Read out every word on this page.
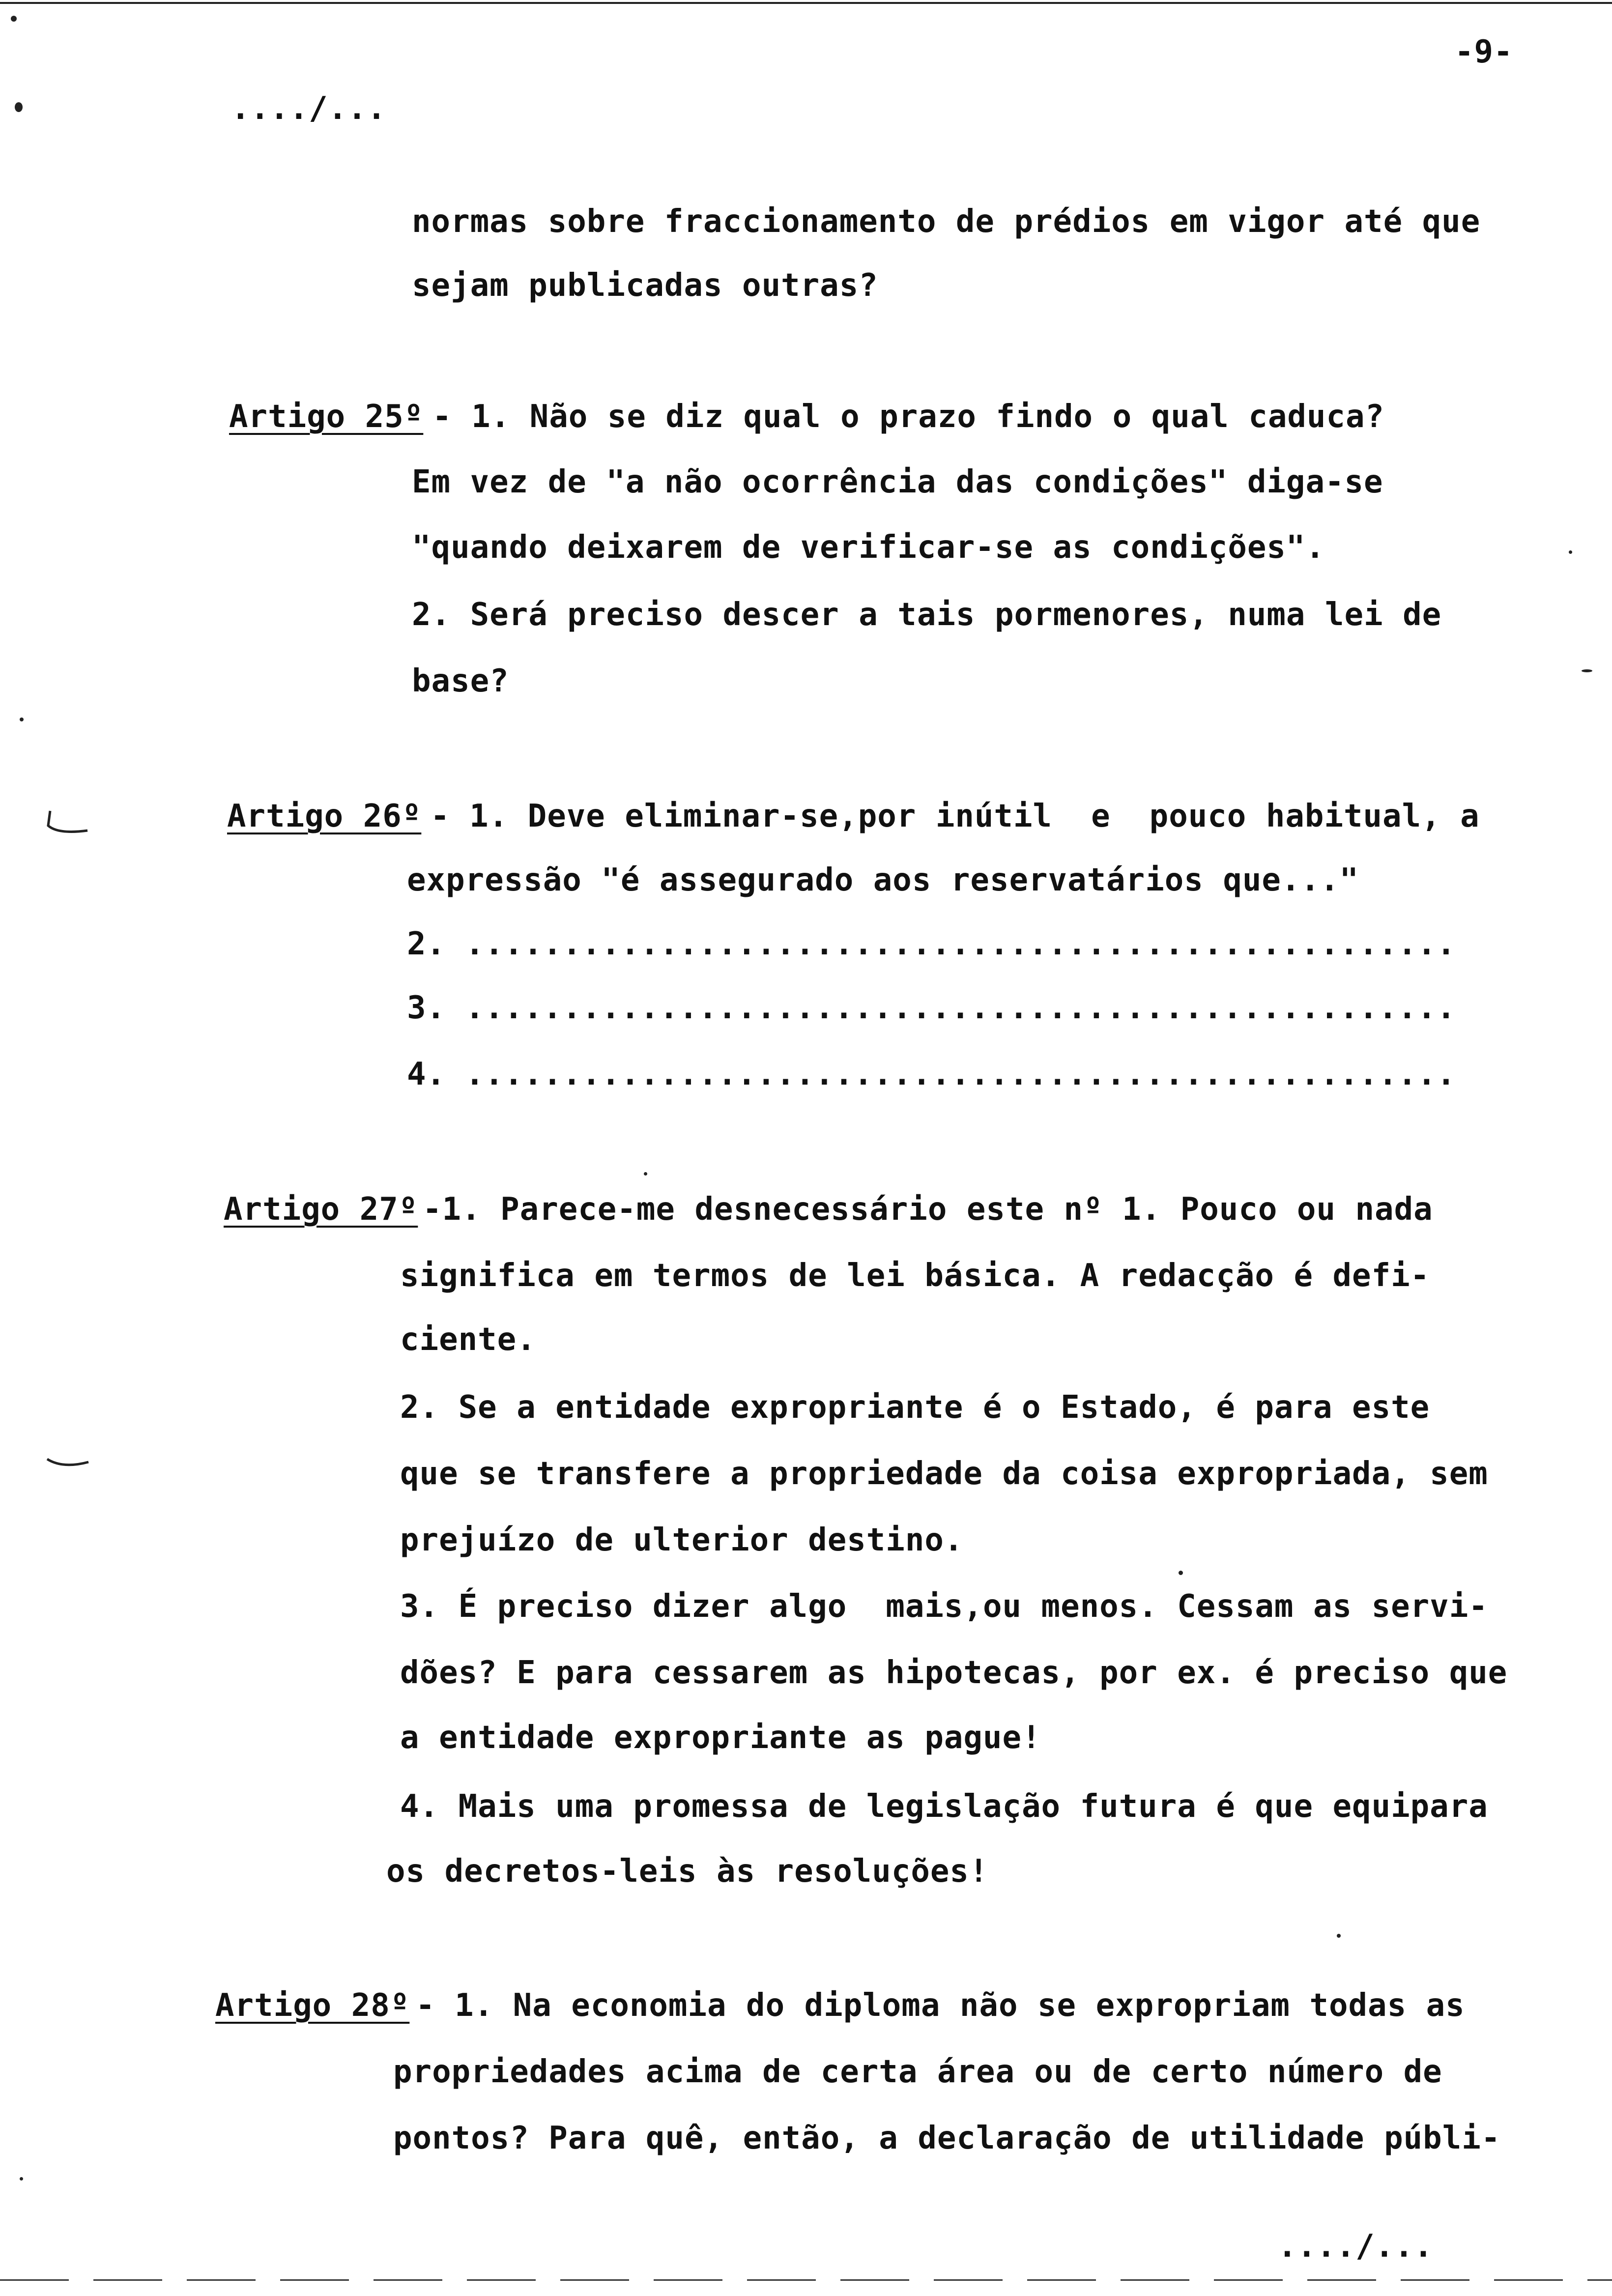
-9-
..../...
normas sobre fraccionamento de prédios em vigor até que
sejam publicadas outras?
Artigo 25º - 1. Não se diz qual o prazo findo o qual caduca?
Em vez de "a não ocorrência das condições" diga-se
"quando deixarem de verificar-se as condições".
2. Será preciso descer a tais pormenores, numa lei de
base?
Artigo 26º - 1. Deve eliminar-se,por inútil  e  pouco habitual, a
expressão "é assegurado aos reservatários que..."
2. ...................................................
3. ...................................................
4. ...................................................
Artigo 27º -1. Parece-me desnecessário este nº 1. Pouco ou nada
significa em termos de lei básica. A redacção é defi-
ciente.
2. Se a entidade expropriante é o Estado, é para este
que se transfere a propriedade da coisa expropriada, sem
prejuízo de ulterior destino.
3. É preciso dizer algo  mais,ou menos. Cessam as servi-
dões? E para cessarem as hipotecas, por ex. é preciso que
a entidade expropriante as pague!
4. Mais uma promessa de legislação futura é que equipara
os decretos-leis às resoluções!
Artigo 28º - 1. Na economia do diploma não se expropriam todas as
propriedades acima de certa área ou de certo número de
pontos? Para quê, então, a declaração de utilidade públi-
..../...
